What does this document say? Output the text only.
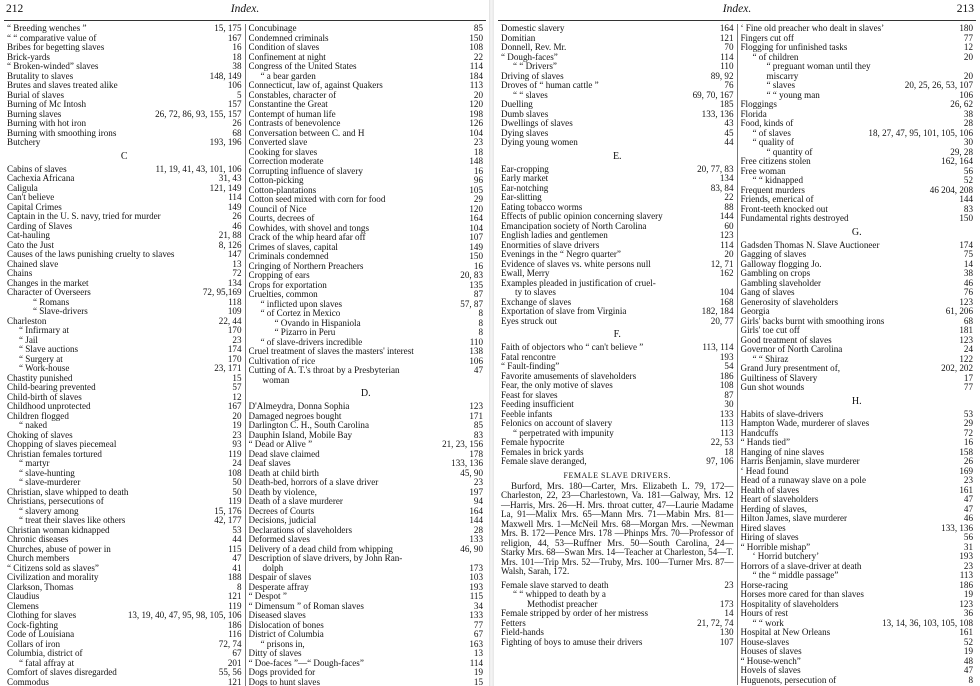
212	Index.
“ Breeding wenches ”	15, 175
“ “ comparative value of	167
Bribes for begetting slaves	16
Brick-yards	18
“ Broken-winded” slaves	38
Brutality to slaves	148, 149
Brutes and slaves treated alike	106
Burial of slaves	5
Burning of Mc Intosh	157
Burning slaves	26, 72, 86, 93, 155, 157
Burning with hot iron	26
Burning with smoothing irons	68
Butchery	193, 196
C
Cabins of slaves	11, 19, 41, 43, 101, 106
Cachexia Africana	31, 43
Caligula	121, 149
Can't believe	114
Capital Crimes	149
Captain in the U. S. navy, tried for murder	26
Carding of Slaves	46
Cat-hauling	21, 88
Cato the Just	8, 126
Causes of the laws punishing cruelty to slaves	147
Chained slave	13
Chains	72
Changes in the market	134
Character of Overseers	72, 95,169
“ Romans	118
“ Slave-drivers	109
Charleston	22, 44
“ Infirmary at	170
“ Jail	23
“ Slave auctions	174
“ Surgery at	170
“ Work-house	23, 171
Chastity punished	15
Child-bearing prevented	57
Child-birth of slaves	12
Childhood unprotected	167
Children flogged	20
“ naked	19
Choking of slaves	23
Chopping of slaves piecemeal	93
Christian females tortured	119
“ martyr	24
“ slave-hunting	108
“ slave-murderer	50
Christian, slave whipped to death	50
Christians, persecutions of	119
“ slavery among	15, 176
“ treat their slaves like others	42, 177
Christian woman kidnapped	53
Chronic diseases	44
Churches, abuse of power in	115
Church members	47
“ Citizens sold as slaves”	41
Civilization and morality	188
Clarkson, Thomas	8
Claudius	121
Clemens	119
Clothing for slaves	13, 19, 40, 47, 95, 98, 105, 106
Cock-fighting	186
Code of Louisiana	116
Collars of iron	72, 74
Columbia, district of	67
“ fatal affray at	201
Comfort of slaves disregarded	55, 56
Commodus	121
Concubinage	85
Condemned criminals	150
Condition of slaves	108
Confinement at night	22
Congress of the United States	114
“ a bear garden	184
Connecticut, law of, against Quakers	113
Constables, character of	20
Constantine the Great	120
Contempt of human life	198
Contrasts of benevolence	126
Conversation between C. and H	104
Converted slave	23
Cooking for slaves	18
Correction moderate	148
Corrupting influence of slavery	16
Cotton-picking	96
Cotton-plantations	105
Cotton seed mixed with corn for food	29
Council of Nice	120
Courts, decrees of	164
Cowhides, with shovel and tongs	104
Crack of the whip heard afar off	107
Crimes of slaves, capital	149
Criminals condemned	150
Cringing of Northern Preachers	16
Cropping of ears	20, 83
Crops for exportation	135
Cruelties, common	87
“ inflicted upon slaves	57, 87
“ of Cortez in Mexico	8
“ Ovando in Hispaniola	8
“ Pizarro in Peru	8
“ of slave-drivers incredible	110
Cruel treatment of slaves the masters' interest	138
Cultivation of rice	106
Cutting of A. T.'s throat by a Presbyterian	47
woman
D.
D'Almeydra, Donna Sophia	123
Damaged negroes bought	171
Darlington C. H., South Carolina	85
Dauphin Island, Mobile Bay	83
“ Dead or Alive ”	21, 23, 156
Dead slave claimed	178
Deaf slaves	133, 136
Death at child birth	45, 90
Death-bed, horrors of a slave driver	23
Death by violence,	197
Death of a slave murderer	94
Decrees of Courts	164
Decisions, judicial	144
Declarations of slaveholders	28
Deformed slaves	133
Delivery of a dead child from whipping	46, 90
Description of slave drivers, by John Ran-
dolph	173
Despair of slaves	103
Desperate affray	193
“ Despot ”	115
“ Dimensum ” of Roman slaves	34
Diseased slaves	133
Dislocation of bones	77
District of Columbia	67
“ prisons in,	163
Ditty of slaves	13
“ Doe-faces ”—“ Dough-faces”	114
Dogs provided for	19
Dogs to hunt slaves	15
Index.	213
Domestic slavery	164
Domitian	121
Donnell, Rev. Mr.	70
“ Dough-faces”	114
“ “ Drivers”	110
Driving of slaves	89, 92
Droves of “ human cattle ”	76
“ “ slaves	69, 70, 167
Duelling	185
Dumb slaves	133, 136
Dwellings of slaves	43
Dying slaves	45
Dying young women	44
E.
Ear-cropping	20, 77, 83
Early market	134
Ear-notching	83, 84
Ear-slitting	22
Eating tobacco worms	88
Effects of public opinion concerning slavery	144
Emancipation society of North Carolina	60
English ladies and gentlemen	123
Enormities of slave drivers	114
Evenings in the “ Negro quarter”	20
Evidence of slaves vs. white persons null	12, 71
Ewall, Merry	162
Examples pleaded in justification of cruel-
ty to slaves	104
Exchange of slaves	168
Exportation of slave from Virginia	182, 184
Eyes struck out	20, 77
F.
Faith of objectors who “ can't believe ”	113, 114
Fatal rencontre	193
“ Fault-finding”	54
Favorite amusements of slaveholders	186
Fear, the only motive of slaves	108
Feast for slaves	87
Feeding insufficient	30
Feeble infants	133
Felonics on account of slavery	113
“ perpetrated with impunity	113
Female hypocrite	22, 53
Females in brick yards	18
Female slave deranged,	97, 106
FEMALE SLAVE DRIVERS.
Burford, Mrs. 180—Carter, Mrs. Elizabeth L. 79, 172—Charleston, 22, 23—Charlestown, Va. 181—Galway, Mrs. 12—Harris, Mrs. 26—H. Mrs. throat cutter, 47—Laurie Madame La, 91—Malix Mrs. 65—Mann Mrs. 71—Mabin Mrs. 81—Maxwell Mrs. 1—McNeil Mrs. 68—Morgan Mrs. —Newman Mrs. B. 172—Pence Mrs. 178 —Phinps Mrs. 70—Professor of religion, 44, 53—Ruffner Mrs. 50—South Carolina, 24—Starky Mrs. 68—Swan Mrs. 14—Teacher at Charleston, 54—T. Mrs. 101—Trip Mrs. 52—Truby, Mrs. 100—Turner Mrs. 87—Walsh, Sarah, 172.
Female slave starved to death	23
“ “ whipped to death by a
Methodist preacher	173
Female stripped by order of her mistress	14
Fetters	21, 72, 74
Field-hands	130
Fighting of boys to amuse their drivers	107
‘ Fine old preacher who dealt in slaves’	180
Fingers cut off	77
Flogging for unfinished tasks	12
“ of children	20
“ preguant woman until they
miscarry	20
“ slaves	20, 25, 26, 53, 107
“ “ young man	106
Floggings	26, 62
Florida	38
Food, kinds of	28
“ of slaves	18, 27, 47, 95, 101, 105, 106
“ quality of	30
“ quantity of	29, 28
Free citizens stolen	162, 164
Free woman	56
“ “ kidnapped	52
Frequent murders	46 204, 208
Friends, emerical of	144
Front-teeth knocked out	83
Fundamental rights destroyed	150
G.
Gadsden Thomas N. Slave Auctioneer	174
Gagging of slaves	75
Galloway flogging Jo.	14
Gambling on crops	38
Gambling slaveholder	46
Gang of slaves	76
Generosity of slaveholders	123
Georgia	61, 206
Girls' backs burnt with smoothing irons	68
Girls' toe cut off	181
Good treatment of slaves	123
Governor of North Carolina	24
“ “ Shiraz	122
Grand Jury presentment of,	202, 202
Guiltiness of Slavery	17
Gun shot wounds	77
H.
Habits of slave-drivers	53
Hampton Wade, murderer of slaves	29
Handcuffs	72
“ Hands tied”	16
Hanging of nine slaves	158
Harris Benjamin, slave murderer	26
‘ Head found	169
Head of a runaway slave on a pole	23
Health of slaves	161
Heart of slaveholders	47
Herding of slaves,	47
Hilton James, slave murderer	46
Hired slaves	133, 136
Hiring of slaves	56
“ Horrible mishap”	31
‘ Horrid butchery’	193
Horrors of a slave-driver at death	23
“ the “ middle passage”	113
Horse-racing	186
Horses more cared for than slaves	19
Hospitality of slaveholders	123
Hours of rest	36
“ “ work	13, 14, 36, 103, 105, 108
Hospital at New Orleans	161
House-slaves	52
Houses of slaves	19
“ House-wench”	48
Hovels of slaves	47
Huguenots, persecution of	8
